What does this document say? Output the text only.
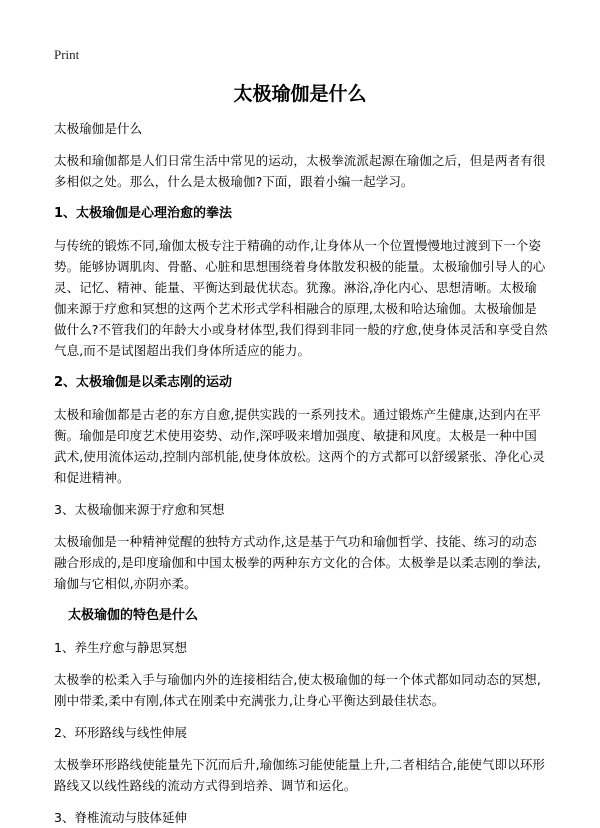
Print
太极瑜伽是什么

太极瑜伽是什么

太极和瑜伽都是人们日常生活中常见的运动，太极拳流派起源在瑜伽之后，但是两者有很多相似之处。那么，什么是太极瑜伽?下面，跟着小编一起学习。

1、太极瑜伽是心理治愈的拳法

与传统的锻炼不同,瑜伽太极专注于精确的动作,让身体从一个位置慢慢地过渡到下一个姿势。能够协调肌肉、骨骼、心脏和思想围绕着身体散发积极的能量。太极瑜伽引导人的心灵、记忆、精神、能量、平衡达到最优状态。犹豫。淋浴,净化内心、思想清晰。太极瑜伽来源于疗愈和冥想的这两个艺术形式学科相融合的原理,太极和哈达瑜伽。太极瑜伽是做什么?不管我们的年龄大小或身材体型,我们得到非同一般的疗愈,使身体灵活和享受自然气息,而不是试图超出我们身体所适应的能力。

2、太极瑜伽是以柔志刚的运动

太极和瑜伽都是古老的东方自愈,提供实践的一系列技术。通过锻炼产生健康,达到内在平衡。瑜伽是印度艺术使用姿势、动作,深呼吸来增加强度、敏捷和风度。太极是一种中国武术,使用流体运动,控制内部机能,使身体放松。这两个的方式都可以舒缓紧张、净化心灵和促进精神。

3、太极瑜伽来源于疗愈和冥想

太极瑜伽是一种精神觉醒的独特方式动作,这是基于气功和瑜伽哲学、技能、练习的动态融合形成的,是印度瑜伽和中国太极拳的两种东方文化的合体。太极拳是以柔志刚的拳法,瑜伽与它相似,亦阴亦柔。

太极瑜伽的特色是什么

1、养生疗愈与静思冥想

太极拳的松柔入手与瑜伽内外的连接相结合,使太极瑜伽的每一个体式都如同动态的冥想,刚中带柔,柔中有刚,体式在刚柔中充满张力,让身心平衡达到最佳状态。

2、环形路线与线性伸展

太极拳环形路线使能量先下沉而后升,瑜伽练习能使能量上升,二者相结合,能使气即以环形路线又以线性路线的流动方式得到培养、调节和运化。

3、脊椎流动与肢体延伸
